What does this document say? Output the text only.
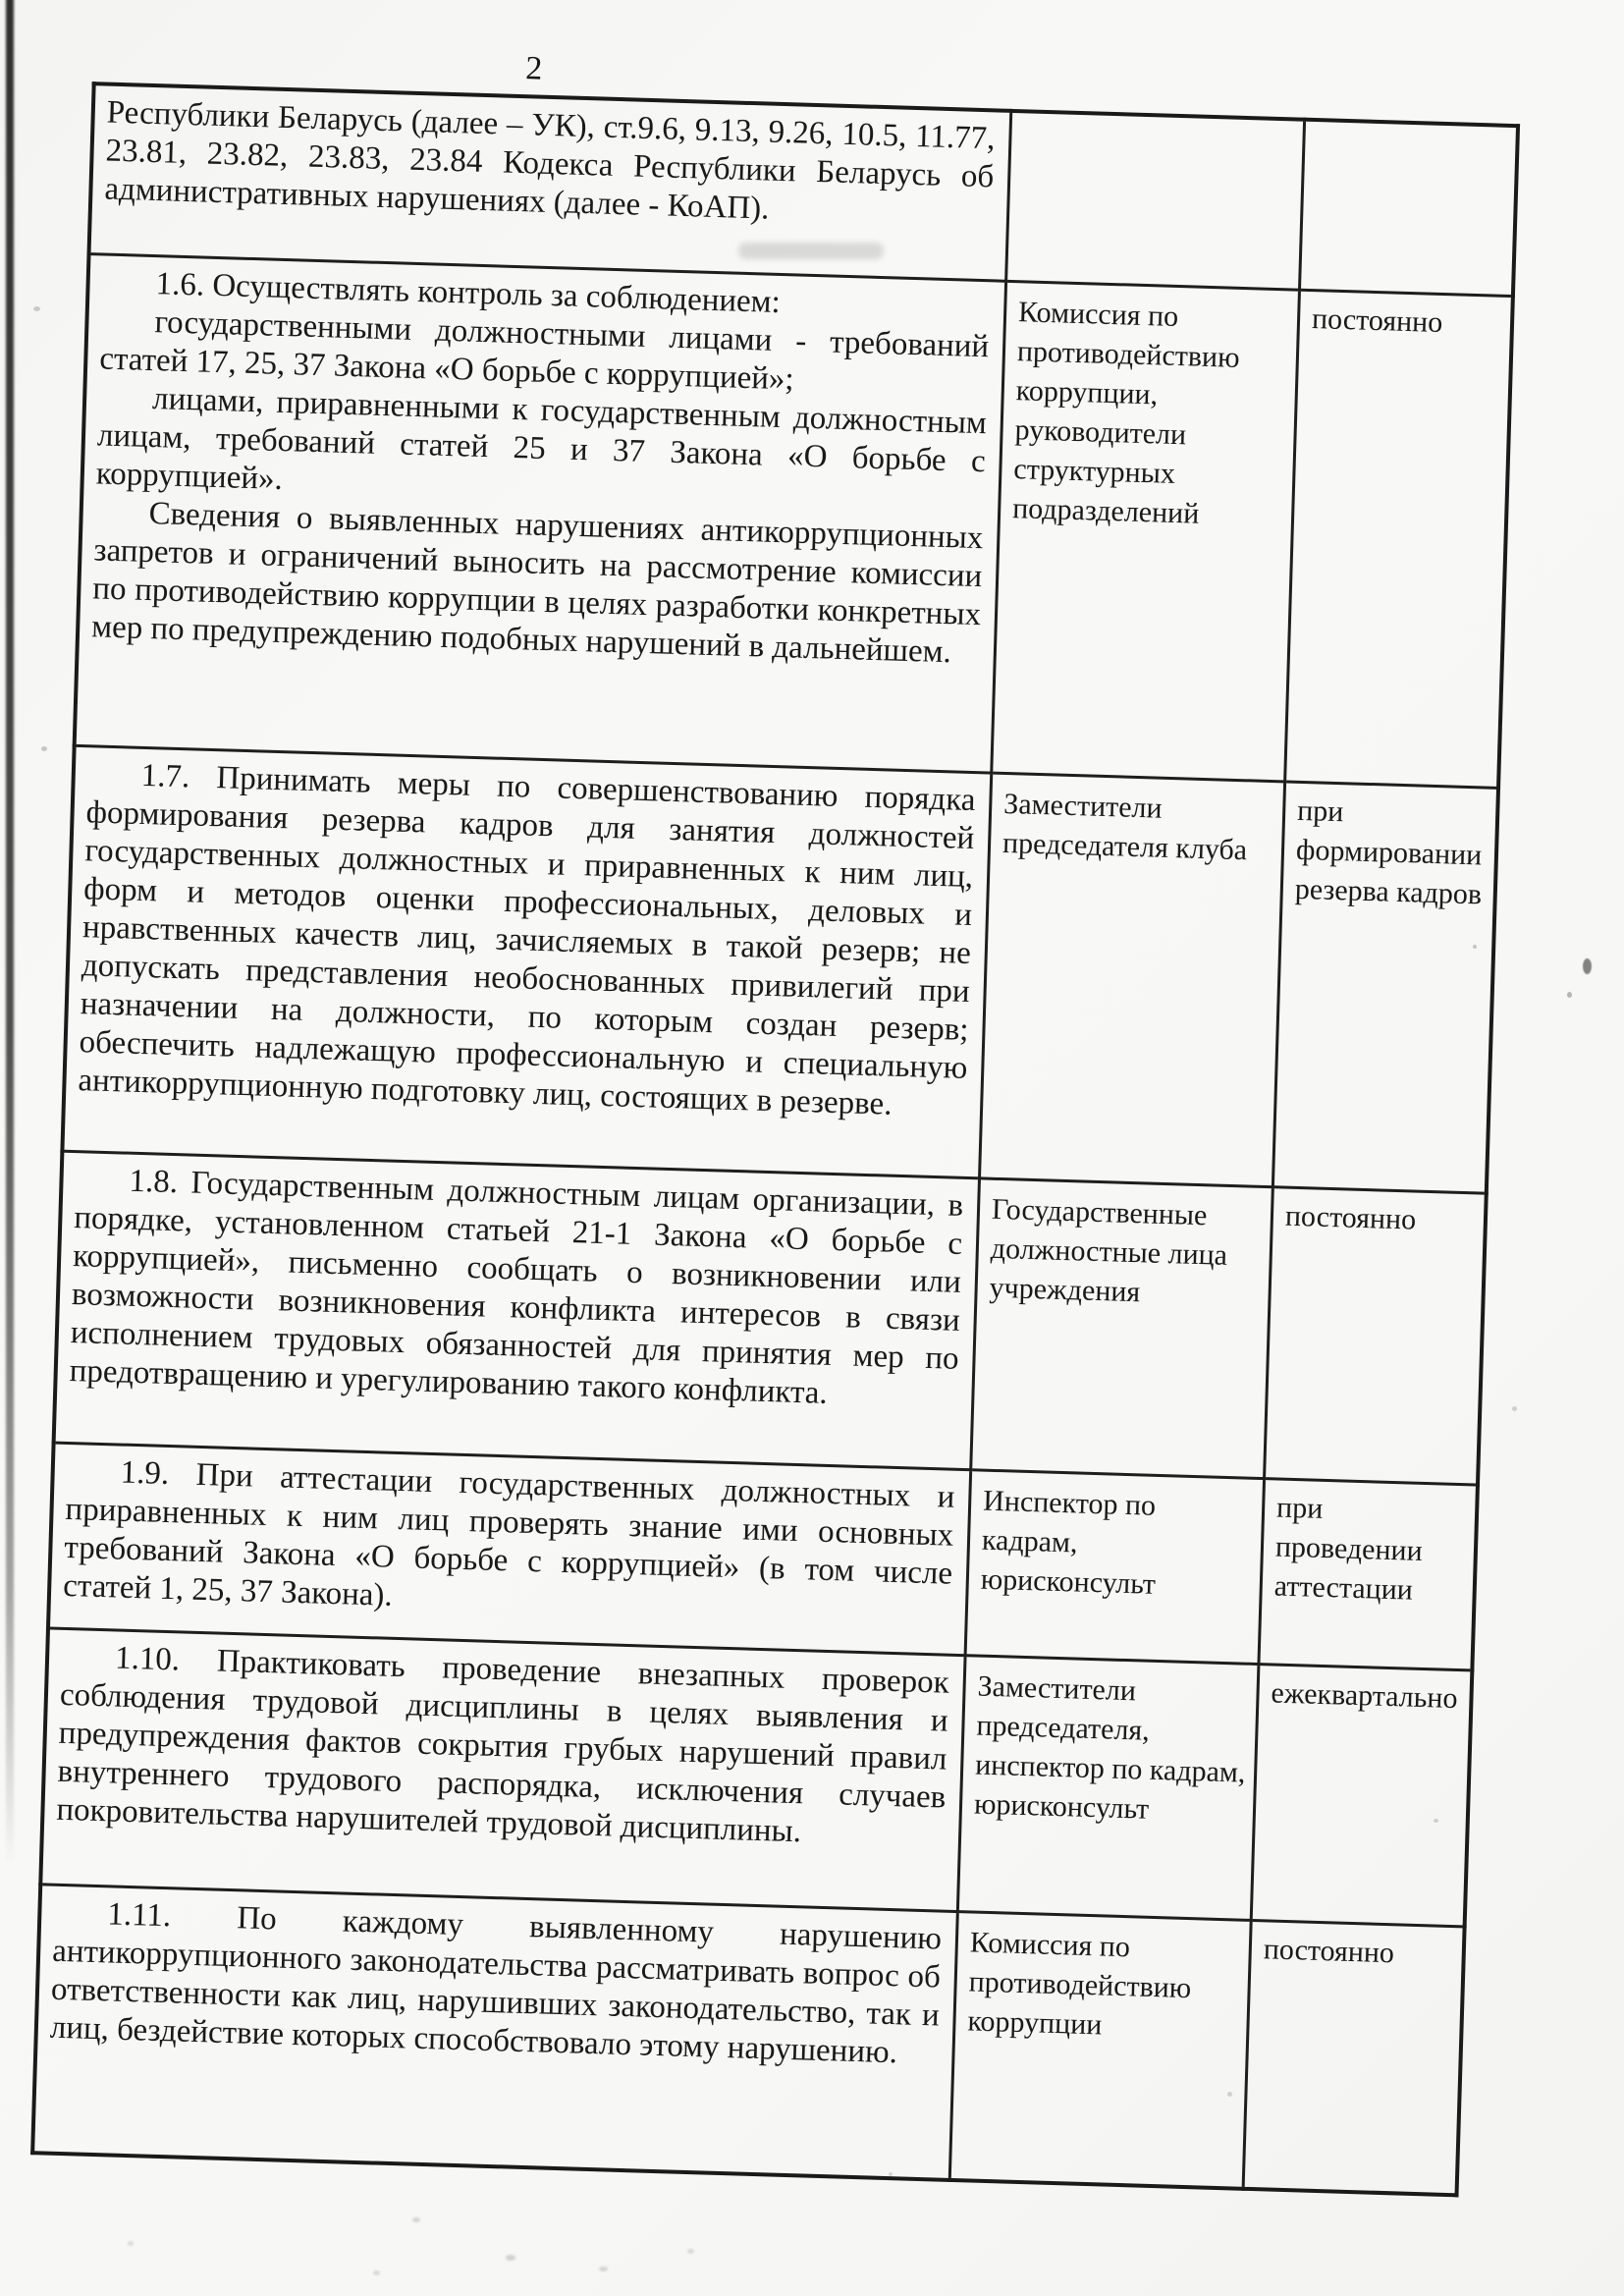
2

Республики Беларусь (далее – УК), ст.9.6, 9.13, 9.26, 10.5, 11.77, 23.81, 23.82, 23.83, 23.84 Кодекса Республики Беларусь об административных нарушениях (далее - КоАП).		

1.6. Осуществлять контроль за соблюдением:

государственными должностными лицами - требований статей 17, 25, 37 Закона «О борьбе с коррупцией»;

лицами, приравненными к государственным должностным лицам, требований статей 25 и 37 Закона «О борьбе с коррупцией».

Сведения о выявленных нарушениях антикоррупционных запретов и ограничений выносить на рассмотрение комиссии по противодействию коррупции в целях разработки конкретных мер по предупреждению подобных нарушений в дальнейшем.	Комиссия по противодействию коррупции, руководители структурных подразделений	постоянно

1.7. Принимать меры по совершенствованию порядка формирования резерва кадров для занятия должностей государственных должностных и приравненных к ним лиц, форм и методов оценки профессиональных, деловых и нравственных качеств лиц, зачисляемых в такой резерв; не допускать представления необоснованных привилегий при назначении на должности, по которым создан резерв; обеспечить надлежащую профессиональную и специальную антикоррупционную подготовку лиц, состоящих в резерве.	Заместители председателя клуба	при формировании резерва кадров

1.8. Государственным должностным лицам организации, в порядке, установленном статьей 21-1 Закона «О борьбе с коррупцией», письменно сообщать о возникновении или возможности возникновения конфликта интересов в связи исполнением трудовых обязанностей для принятия мер по предотвращению и урегулированию такого конфликта.	Государственные должностные лица учреждения	постоянно

1.9. При аттестации государственных должностных и приравненных к ним лиц проверять знание ими основных требований Закона «О борьбе с коррупцией» (в том числе статей 1, 25, 37 Закона).	Инспектор по кадрам, юрисконсульт	при проведении аттестации

1.10. Практиковать проведение внезапных проверок соблюдения трудовой дисциплины в целях выявления и предупреждения фактов сокрытия грубых нарушений правил внутреннего трудового распорядка, исключения случаев покровительства нарушителей трудовой дисциплины.	Заместители председателя, инспектор по кадрам, юрисконсульт	ежеквартально

1.11. По каждому выявленному нарушению антикоррупционного законодательства рассматривать вопрос об ответственности как лиц, нарушивших законодательство, так и лиц, бездействие которых способствовало этому нарушению.	Комиссия по противодействию коррупции	постоянно
